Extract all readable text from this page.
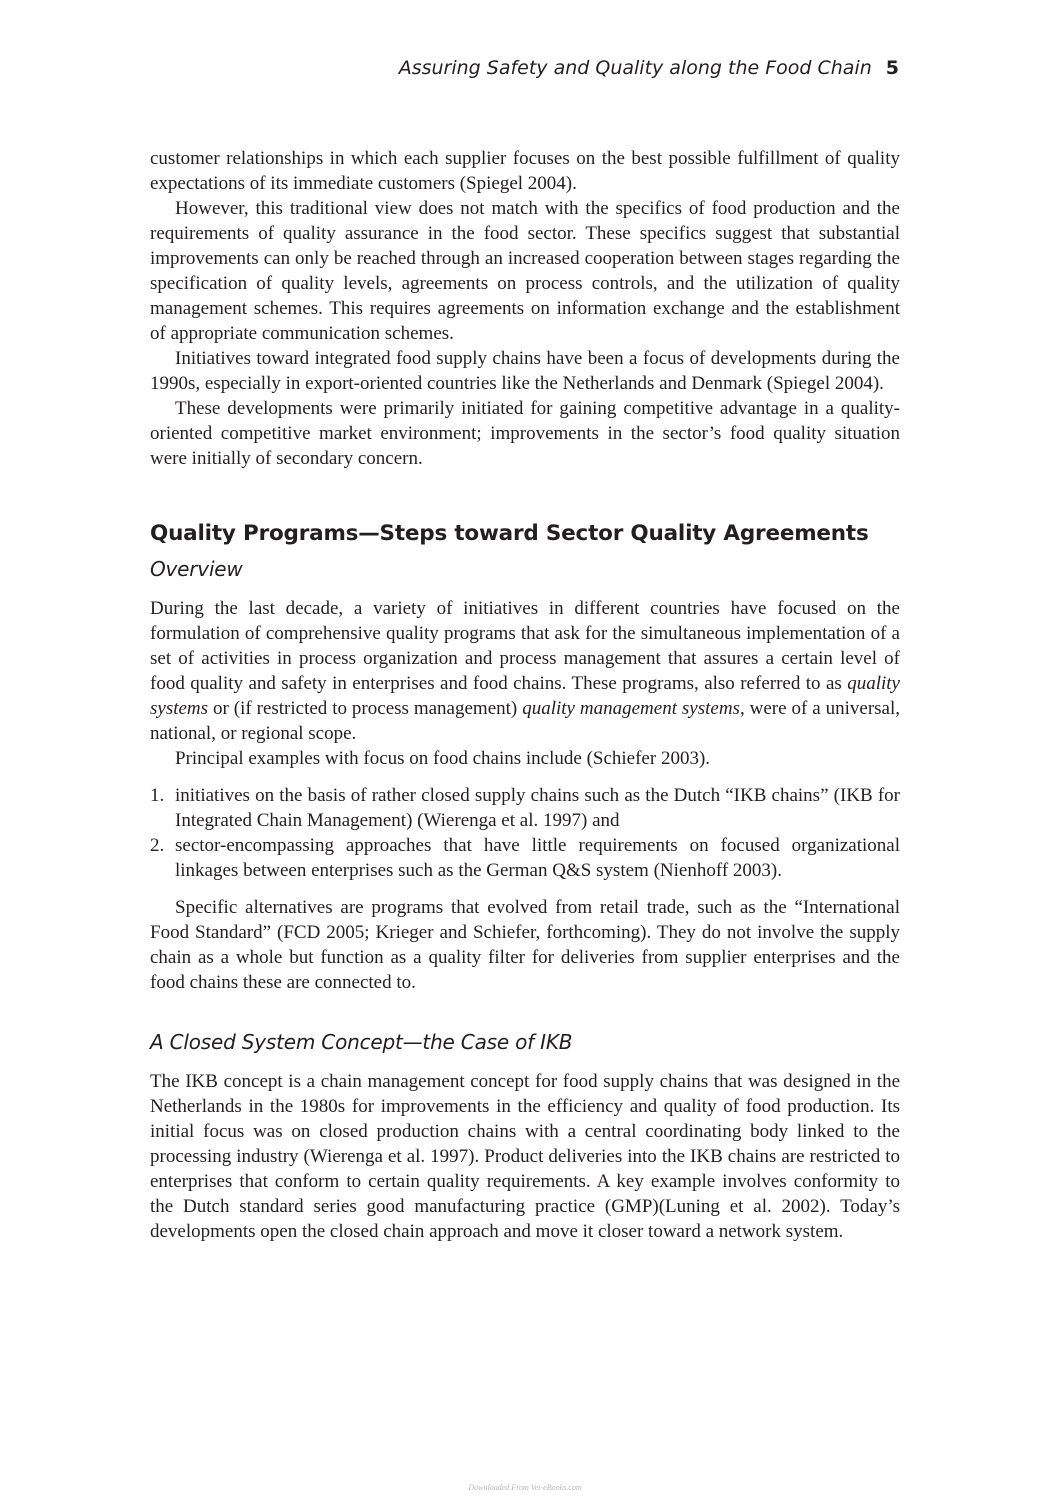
Assuring Safety and Quality along the Food Chain 5

customer relationships in which each supplier focuses on the best possible fulfillment of quality expectations of its immediate customers (Spiegel 2004).

However, this traditional view does not match with the specifics of food production and the requirements of quality assurance in the food sector. These specifics suggest that substantial improvements can only be reached through an increased cooperation between stages regarding the specification of quality levels, agreements on process controls, and the utilization of quality management schemes. This requires agreements on information exchange and the establishment of appropriate communication schemes.

Initiatives toward integrated food supply chains have been a focus of developments during the 1990s, especially in export-oriented countries like the Netherlands and Denmark (Spiegel 2004).

These developments were primarily initiated for gaining competitive advantage in a quality-oriented competitive market environment; improvements in the sector’s food quality situation were initially of secondary concern.

Quality Programs—Steps toward Sector Quality Agreements
Overview

During the last decade, a variety of initiatives in different countries have focused on the formulation of comprehensive quality programs that ask for the simultaneous implementation of a set of activities in process organization and process management that assures a certain level of food quality and safety in enterprises and food chains. These programs, also referred to as quality systems or (if restricted to process management) quality management systems, were of a universal, national, or regional scope.

Principal examples with focus on food chains include (Schiefer 2003).

1. initiatives on the basis of rather closed supply chains such as the Dutch “IKB chains” (IKB for Integrated Chain Management) (Wierenga et al. 1997) and
2. sector-encompassing approaches that have little requirements on focused organizational linkages between enterprises such as the German Q&S system (Nienhoff 2003).

Specific alternatives are programs that evolved from retail trade, such as the “International Food Standard” (FCD 2005; Krieger and Schiefer, forthcoming). They do not involve the supply chain as a whole but function as a quality filter for deliveries from supplier enterprises and the food chains these are connected to.

A Closed System Concept—the Case of IKB

The IKB concept is a chain management concept for food supply chains that was designed in the Netherlands in the 1980s for improvements in the efficiency and quality of food production. Its initial focus was on closed production chains with a central coordinating body linked to the processing industry (Wierenga et al. 1997). Product deliveries into the IKB chains are restricted to enterprises that conform to certain quality requirements. A key example involves conformity to the Dutch standard series good manufacturing practice (GMP)(Luning et al. 2002). Today’s developments open the closed chain approach and move it closer toward a network system.

Downloaded From Vet-eBooks.com
